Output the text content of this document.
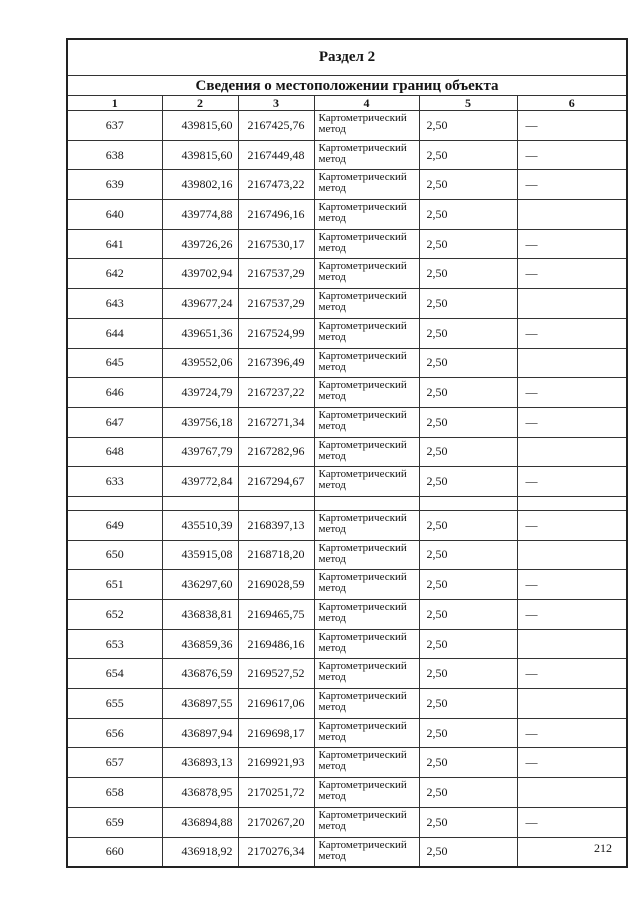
Раздел 2					
Сведения о местоположении границ объекта					
1	2	3	4	5	6
637	439815,60	2167425,76	Картометрический метод	2,50	—
638	439815,60	2167449,48	Картометрический метод	2,50	—
639	439802,16	2167473,22	Картометрический метод	2,50	—
640	439774,88	2167496,16	Картометрический метод	2,50	
641	439726,26	2167530,17	Картометрический метод	2,50	—
642	439702,94	2167537,29	Картометрический метод	2,50	—
643	439677,24	2167537,29	Картометрический метод	2,50	
644	439651,36	2167524,99	Картометрический метод	2,50	—
645	439552,06	2167396,49	Картометрический метод	2,50	
646	439724,79	2167237,22	Картометрический метод	2,50	—
647	439756,18	2167271,34	Картометрический метод	2,50	—
648	439767,79	2167282,96	Картометрический метод	2,50	
633	439772,84	2167294,67	Картометрический метод	2,50	—

649	435510,39	2168397,13	Картометрический метод	2,50	—
650	435915,08	2168718,20	Картометрический метод	2,50	
651	436297,60	2169028,59	Картометрический метод	2,50	—
652	436838,81	2169465,75	Картометрический метод	2,50	—
653	436859,36	2169486,16	Картометрический метод	2,50	
654	436876,59	2169527,52	Картометрический метод	2,50	—
655	436897,55	2169617,06	Картометрический метод	2,50	
656	436897,94	2169698,17	Картометрический метод	2,50	—
657	436893,13	2169921,93	Картометрический метод	2,50	—
658	436878,95	2170251,72	Картометрический метод	2,50	
659	436894,88	2170267,20	Картометрический метод	2,50	—
660	436918,92	2170276,34	Картометрический метод	2,50		212
